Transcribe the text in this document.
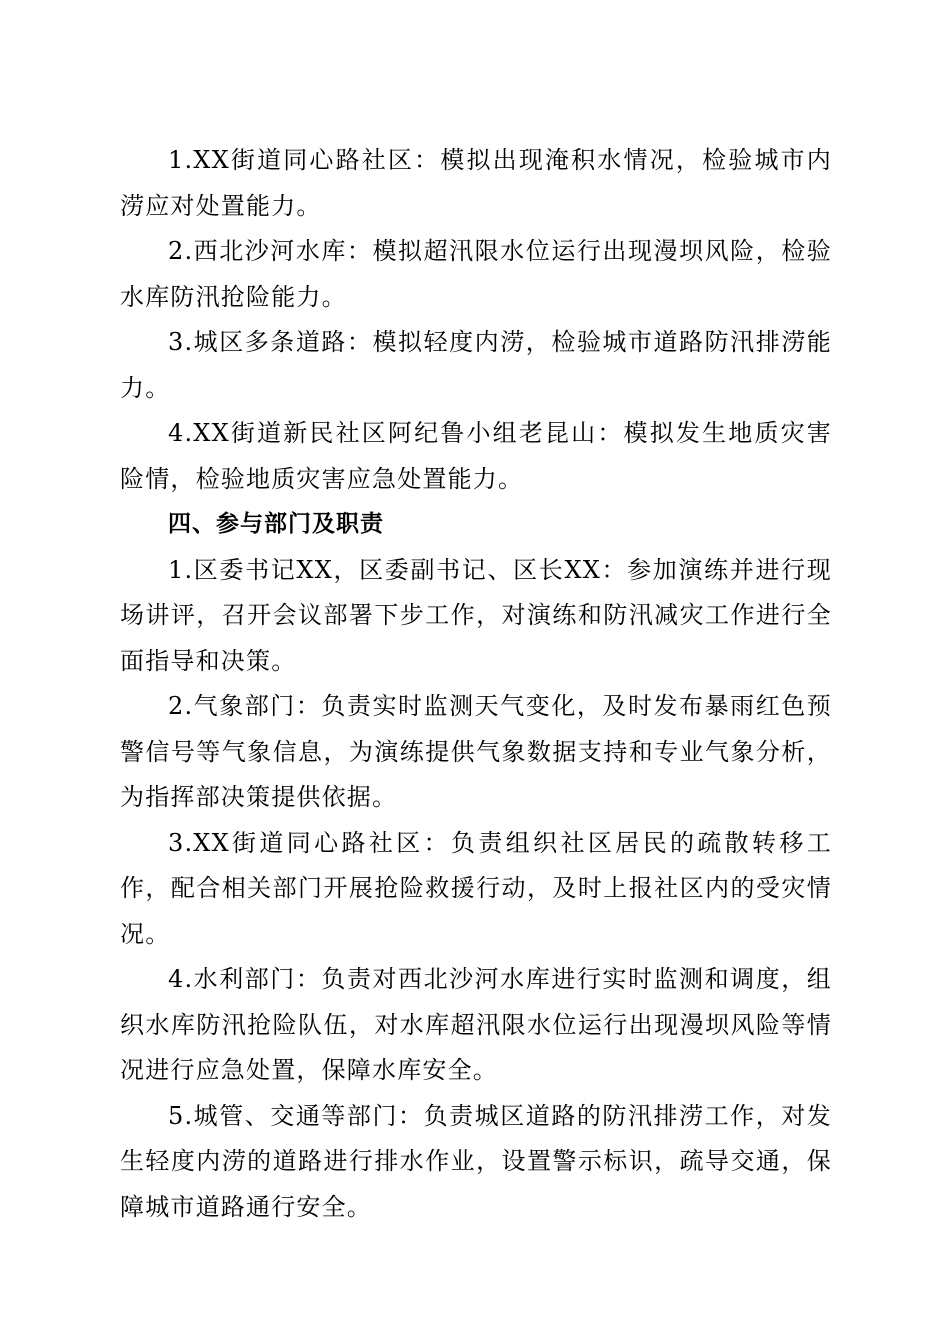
1.XX街道同心路社区：模拟出现淹积水情况，检验城市内涝应对处置能力。

2.西北沙河水库：模拟超汛限水位运行出现漫坝风险，检验水库防汛抢险能力。

3.城区多条道路：模拟轻度内涝，检验城市道路防汛排涝能力。

4.XX街道新民社区阿纪鲁小组老昆山：模拟发生地质灾害险情，检验地质灾害应急处置能力。

四、参与部门及职责

1.区委书记XX，区委副书记、区长XX：参加演练并进行现场讲评，召开会议部署下步工作，对演练和防汛减灾工作进行全面指导和决策。

2.气象部门：负责实时监测天气变化，及时发布暴雨红色预警信号等气象信息，为演练提供气象数据支持和专业气象分析，为指挥部决策提供依据。

3.XX街道同心路社区：负责组织社区居民的疏散转移工作，配合相关部门开展抢险救援行动，及时上报社区内的受灾情况。

4.水利部门：负责对西北沙河水库进行实时监测和调度，组织水库防汛抢险队伍，对水库超汛限水位运行出现漫坝风险等情况进行应急处置，保障水库安全。

5.城管、交通等部门：负责城区道路的防汛排涝工作，对发生轻度内涝的道路进行排水作业，设置警示标识，疏导交通，保障城市道路通行安全。
